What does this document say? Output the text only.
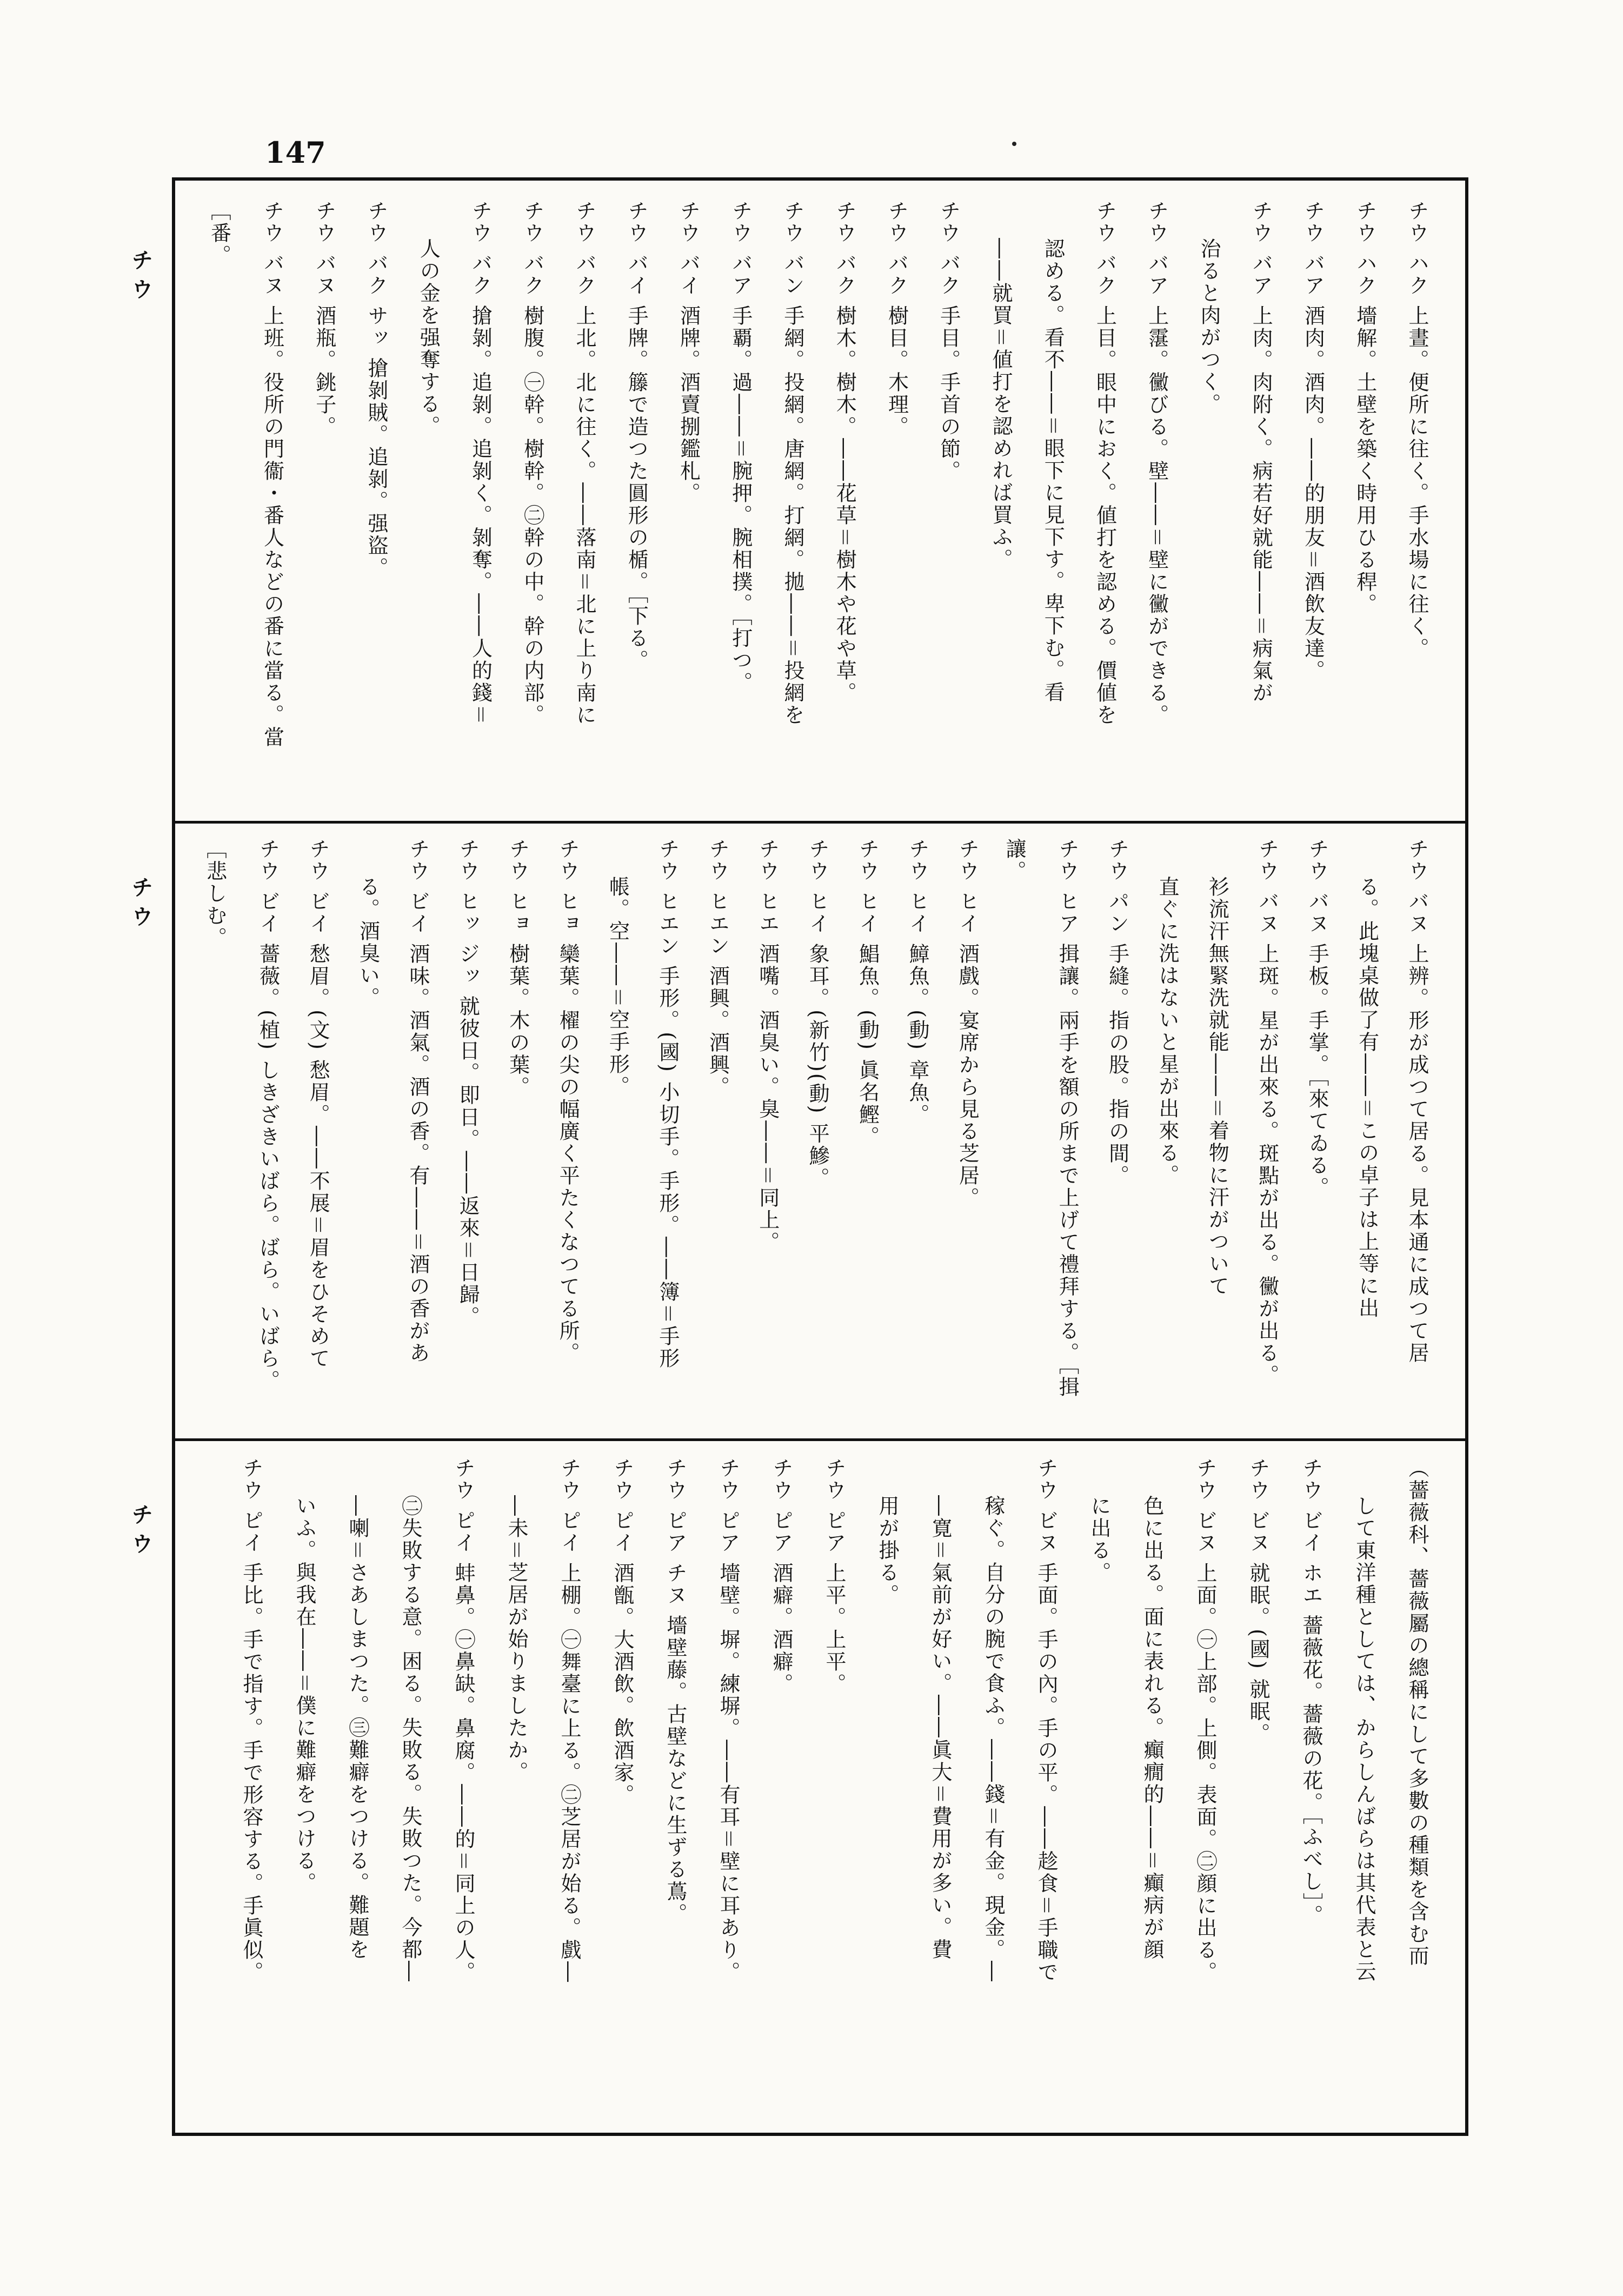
147
チ ウ
チ ウ
チ ウ

チウ ハク 上晝。便所に往く。手水場に往く。

チウ ハク 墻解。土壁を築く時用ひる稈。

チウ バア 酒肉。酒肉。――的朋友＝酒飲友達。

チウ バア 上肉。肉附く。病若好就能――＝病氣が

治ると肉がつく。

チウ バア 上霮。黴びる。壁――＝壁に黴ができる。

チウ バク 上目。眼中におく。値打を認める。價値を

認める。看不――＝眼下に見下す。卑下む。看

――就買＝値打を認めれば買ふ。

チウ バク 手目。手首の節。

チウ バク 樹目。木理。

チウ バク 樹木。樹木。――花草＝樹木や花や草。

チウ バン 手網。投網。唐網。打網。拋――＝投網を

チウ バア 手覇。過――＝腕押。腕相撲。［打つ。

チウ バイ 酒牌。酒賣捌鑑札。

チウ バイ 手牌。籐で造つた圓形の楯。［下る。

チウ バク 上北。北に往く。――落南＝北に上り南に

チウ バク 樹腹。㊀幹。樹幹。㊁幹の中。幹の内部。

チウ バク 搶剝。追剝。追剝く。剝奪。――人的錢＝

人の金を强奪する。

チウ バク サッ 搶剝賊。追剝。强盜。

チウ バヌ 酒瓶。銚子。

チウ バヌ 上班。役所の門衞・番人などの番に當る。當［番。

チウ バヌ 上辨。形が成つて居る。見本通に成つて居

る。此塊桌做了有――＝この卓子は上等に出

チウ バヌ 手板。手掌。［來てゐる。

チウ バヌ 上斑。星が出來る。斑點が出る。黴が出る。

衫流汗無緊洗就能――＝着物に汗がついて

直ぐに洗はないと星が出來る。

チウ パン 手縫。指の股。指の間。

チウ ヒア 揖讓。兩手を額の所まで上げて禮拜する。［揖讓。

チウ ヒイ 酒戲。宴席から見る芝居。

チウ ヒイ 鱆魚。(動) 章魚。

チウ ヒイ 鯧魚。(動) 眞名鰹。

チウ ヒイ 象耳。(新竹)(動) 平鰺。

チウ ヒエ 酒嘴。酒臭い。臭――＝同上。

チウ ヒエン 酒興。酒興。

チウ ヒエン 手形。(國) 小切手。手形。――簿＝手形

帳。空――＝空手形。

チウ ヒョ 欒葉。櫂の尖の幅廣く平たくなつてる所。

チウ ヒョ 樹葉。木の葉。

チウ ヒッ ジッ 就彼日。即日。――返來＝日歸。

チウ ビイ 酒味。酒氣。酒の香。有――＝酒の香があ

る。酒臭い。

チウ ビイ 愁眉。(文) 愁眉。――不展＝眉をひそめて

チウ ビイ 薔薇。(植) しきざきいばら。ばら。いばら。［悲しむ。

（薔薇科、薔薇屬の總稱にして多數の種類を含む而

して東洋種としては、からしんばらは其代表と云

チウ ビイ ホエ 薔薇花。薔薇の花。［ふべし］。

チウ ビヌ 就眠。(國) 就眠。

チウ ビヌ 上面。㊀上部。上側。表面。㊁顔に出る。

色に出る。面に表れる。癲癇的――＝癲病が顔

に出る。

チウ ビヌ 手面。手の內。手の平。――趁食＝手職で

稼ぐ。自分の腕で食ふ。――錢＝有金。現金。―

―寛＝氣前が好い。――眞大＝費用が多い。費

用が掛る。

チウ ピア 上平。上平。

チウ ピア 酒癖。酒癖。

チウ ピア 墻壁。塀。練塀。――有耳＝壁に耳あり。

チウ ピア チヌ 墻壁藤。古壁などに生ずる蔦。

チウ ピイ 酒甑。大酒飲。飲酒家。

チウ ピイ 上棚。㊀舞臺に上る。㊁芝居が始る。戲―

―未＝芝居が始りましたか。

チウ ピイ 蚌鼻。㊀鼻缺。鼻腐。――的＝同上の人。

㊁失敗する意。困る。失敗る。失敗つた。今都―

―喇＝さあしまつた。㊂難癖をつける。難題を

いふ。與我在――＝僕に難癖をつける。

チウ ピイ 手比。手で指す。手で形容する。手眞似。
